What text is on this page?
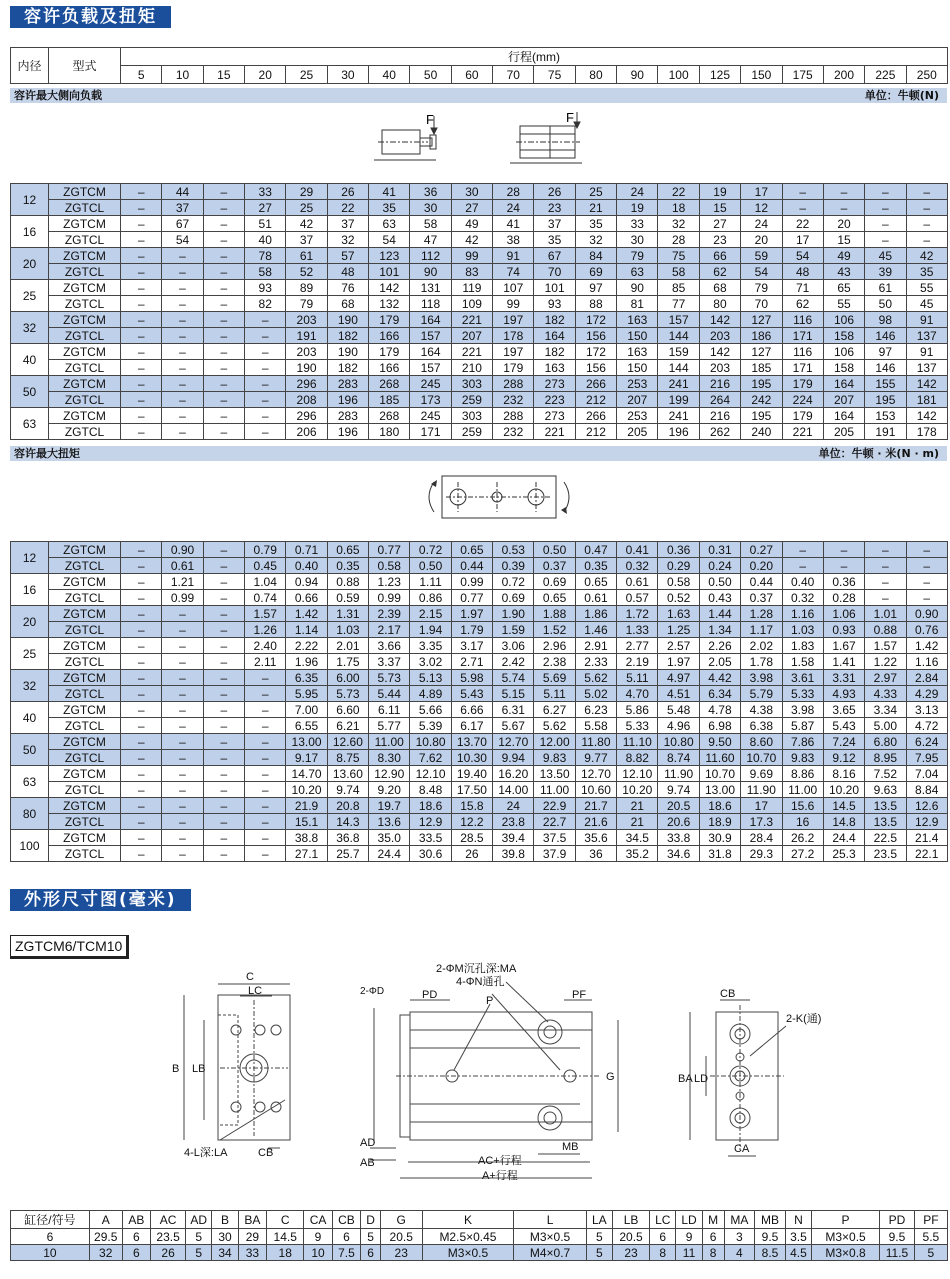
容许负载及扭矩
内径	型式	行程(mm)																			
		5	10	15	20	25	30	40	50	60	70	75	80	90	100	125	150	175	200	225	250
容许最大侧向负载	单位：牛顿(N)
F	F
12	ZGTCM	–	44	–	33	29	26	41	36	30	28	26	25	24	22	19	17	–	–	–	–
	ZGTCL	–	37	–	27	25	22	35	30	27	24	23	21	19	18	15	12	–	–	–	–
16	ZGTCM	–	67	–	51	42	37	63	58	49	41	37	35	33	32	27	24	22	20	–	–
	ZGTCL	–	54	–	40	37	32	54	47	42	38	35	32	30	28	23	20	17	15	–	–
20	ZGTCM	–	–	–	78	61	57	123	112	99	91	67	84	79	75	66	59	54	49	45	42
	ZGTCL	–	–	–	58	52	48	101	90	83	74	70	69	63	58	62	54	48	43	39	35
25	ZGTCM	–	–	–	93	89	76	142	131	119	107	101	97	90	85	68	79	71	65	61	55
	ZGTCL	–	–	–	82	79	68	132	118	109	99	93	88	81	77	80	70	62	55	50	45
32	ZGTCM	–	–	–	–	203	190	179	164	221	197	182	172	163	157	142	127	116	106	98	91
	ZGTCL	–	–	–	–	191	182	166	157	207	178	164	156	150	144	203	186	171	158	146	137
40	ZGTCM	–	–	–	–	203	190	179	164	221	197	182	172	163	159	142	127	116	106	97	91
	ZGTCL	–	–	–	–	190	182	166	157	210	179	163	156	150	144	203	185	171	158	146	137
50	ZGTCM	–	–	–	–	296	283	268	245	303	288	273	266	253	241	216	195	179	164	155	142
	ZGTCL	–	–	–	–	208	196	185	173	259	232	223	212	207	199	264	242	224	207	195	181
63	ZGTCM	–	–	–	–	296	283	268	245	303	288	273	266	253	241	216	195	179	164	153	142
	ZGTCL	–	–	–	–	206	196	180	171	259	232	221	212	205	196	262	240	221	205	191	178
容许最大扭矩	单位：牛顿 · 米(N · m)
12	ZGTCM	–	0.90	–	0.79	0.71	0.65	0.77	0.72	0.65	0.53	0.50	0.47	0.41	0.36	0.31	0.27	–	–	–	–
	ZGTCL	–	0.61	–	0.45	0.40	0.35	0.58	0.50	0.44	0.39	0.37	0.35	0.32	0.29	0.24	0.20	–	–	–	–
16	ZGTCM	–	1.21	–	1.04	0.94	0.88	1.23	1.11	0.99	0.72	0.69	0.65	0.61	0.58	0.50	0.44	0.40	0.36	–	–
	ZGTCL	–	0.99	–	0.74	0.66	0.59	0.99	0.86	0.77	0.69	0.65	0.61	0.57	0.52	0.43	0.37	0.32	0.28	–	–
20	ZGTCM	–	–	–	1.57	1.42	1.31	2.39	2.15	1.97	1.90	1.88	1.86	1.72	1.63	1.44	1.28	1.16	1.06	1.01	0.90
	ZGTCL	–	–	–	1.26	1.14	1.03	2.17	1.94	1.79	1.59	1.52	1.46	1.33	1.25	1.34	1.17	1.03	0.93	0.88	0.76
25	ZGTCM	–	–	–	2.40	2.22	2.01	3.66	3.35	3.17	3.06	2.96	2.91	2.77	2.57	2.26	2.02	1.83	1.67	1.57	1.42
	ZGTCL	–	–	–	2.11	1.96	1.75	3.37	3.02	2.71	2.42	2.38	2.33	2.19	1.97	2.05	1.78	1.58	1.41	1.22	1.16
32	ZGTCM	–	–	–	–	6.35	6.00	5.73	5.13	5.98	5.74	5.69	5.62	5.11	4.97	4.42	3.98	3.61	3.31	2.97	2.84
	ZGTCL	–	–	–	–	5.95	5.73	5.44	4.89	5.43	5.15	5.11	5.02	4.70	4.51	6.34	5.79	5.33	4.93	4.33	4.29
40	ZGTCM	–	–	–	–	7.00	6.60	6.11	5.66	6.66	6.31	6.27	6.23	5.86	5.48	4.78	4.38	3.98	3.65	3.34	3.13
	ZGTCL	–	–	–	–	6.55	6.21	5.77	5.39	6.17	5.67	5.62	5.58	5.33	4.96	6.98	6.38	5.87	5.43	5.00	4.72
50	ZGTCM	–	–	–	–	13.00	12.60	11.00	10.80	13.70	12.70	12.00	11.80	11.10	10.80	9.50	8.60	7.86	7.24	6.80	6.24
	ZGTCL	–	–	–	–	9.17	8.75	8.30	7.62	10.30	9.94	9.83	9.77	8.82	8.74	11.60	10.70	9.83	9.12	8.95	7.95
63	ZGTCM	–	–	–	–	14.70	13.60	12.90	12.10	19.40	16.20	13.50	12.70	12.10	11.90	10.70	9.69	8.86	8.16	7.52	7.04
	ZGTCL	–	–	–	–	10.20	9.74	9.20	8.48	17.50	14.00	11.00	10.60	10.20	9.74	13.00	11.90	11.00	10.20	9.63	8.84
80	ZGTCM	–	–	–	–	21.9	20.8	19.7	18.6	15.8	24	22.9	21.7	21	20.5	18.6	17	15.6	14.5	13.5	12.6
	ZGTCL	–	–	–	–	15.1	14.3	13.6	12.9	12.2	23.8	22.7	21.6	21	20.6	18.9	17.3	16	14.8	13.5	12.9
100	ZGTCM	–	–	–	–	38.8	36.8	35.0	33.5	28.5	39.4	37.5	35.6	34.5	33.8	30.9	28.4	26.2	24.4	22.5	21.4
	ZGTCL	–	–	–	–	27.1	25.7	24.4	30.6	26	39.8	37.9	36	35.2	34.6	31.8	29.3	27.2	25.3	23.5	22.1
外形尺寸图(毫米)
ZGTCM6/TCM10
C
LC
B LB
4-L深:LA	CB
2-ΦD	PD
2-ΦM沉孔深:MA
4-ΦN通孔
P	PF
G
AD
AB
MB
AC+行程
A+行程
CB
2-K(通)
BA LD
CA
缸径/符号	A	AB	AC	AD	B	BA	C	CA	CB	D	G	K	L	LA	LB	LC	LD	M	MA	MB	N	P	PD	PF
6	29.5	6	23.5	5	30	29	14.5	9	6	5	20.5	M2.5×0.45	M3×0.5	5	20.5	6	9	6	3	9.5	3.5	M3×0.5	9.5	5.5
10	32	6	26	5	34	33	18	10	7.5	6	23	M3×0.5	M4×0.7	5	23	8	11	8	4	8.5	4.5	M3×0.8	11.5	5
